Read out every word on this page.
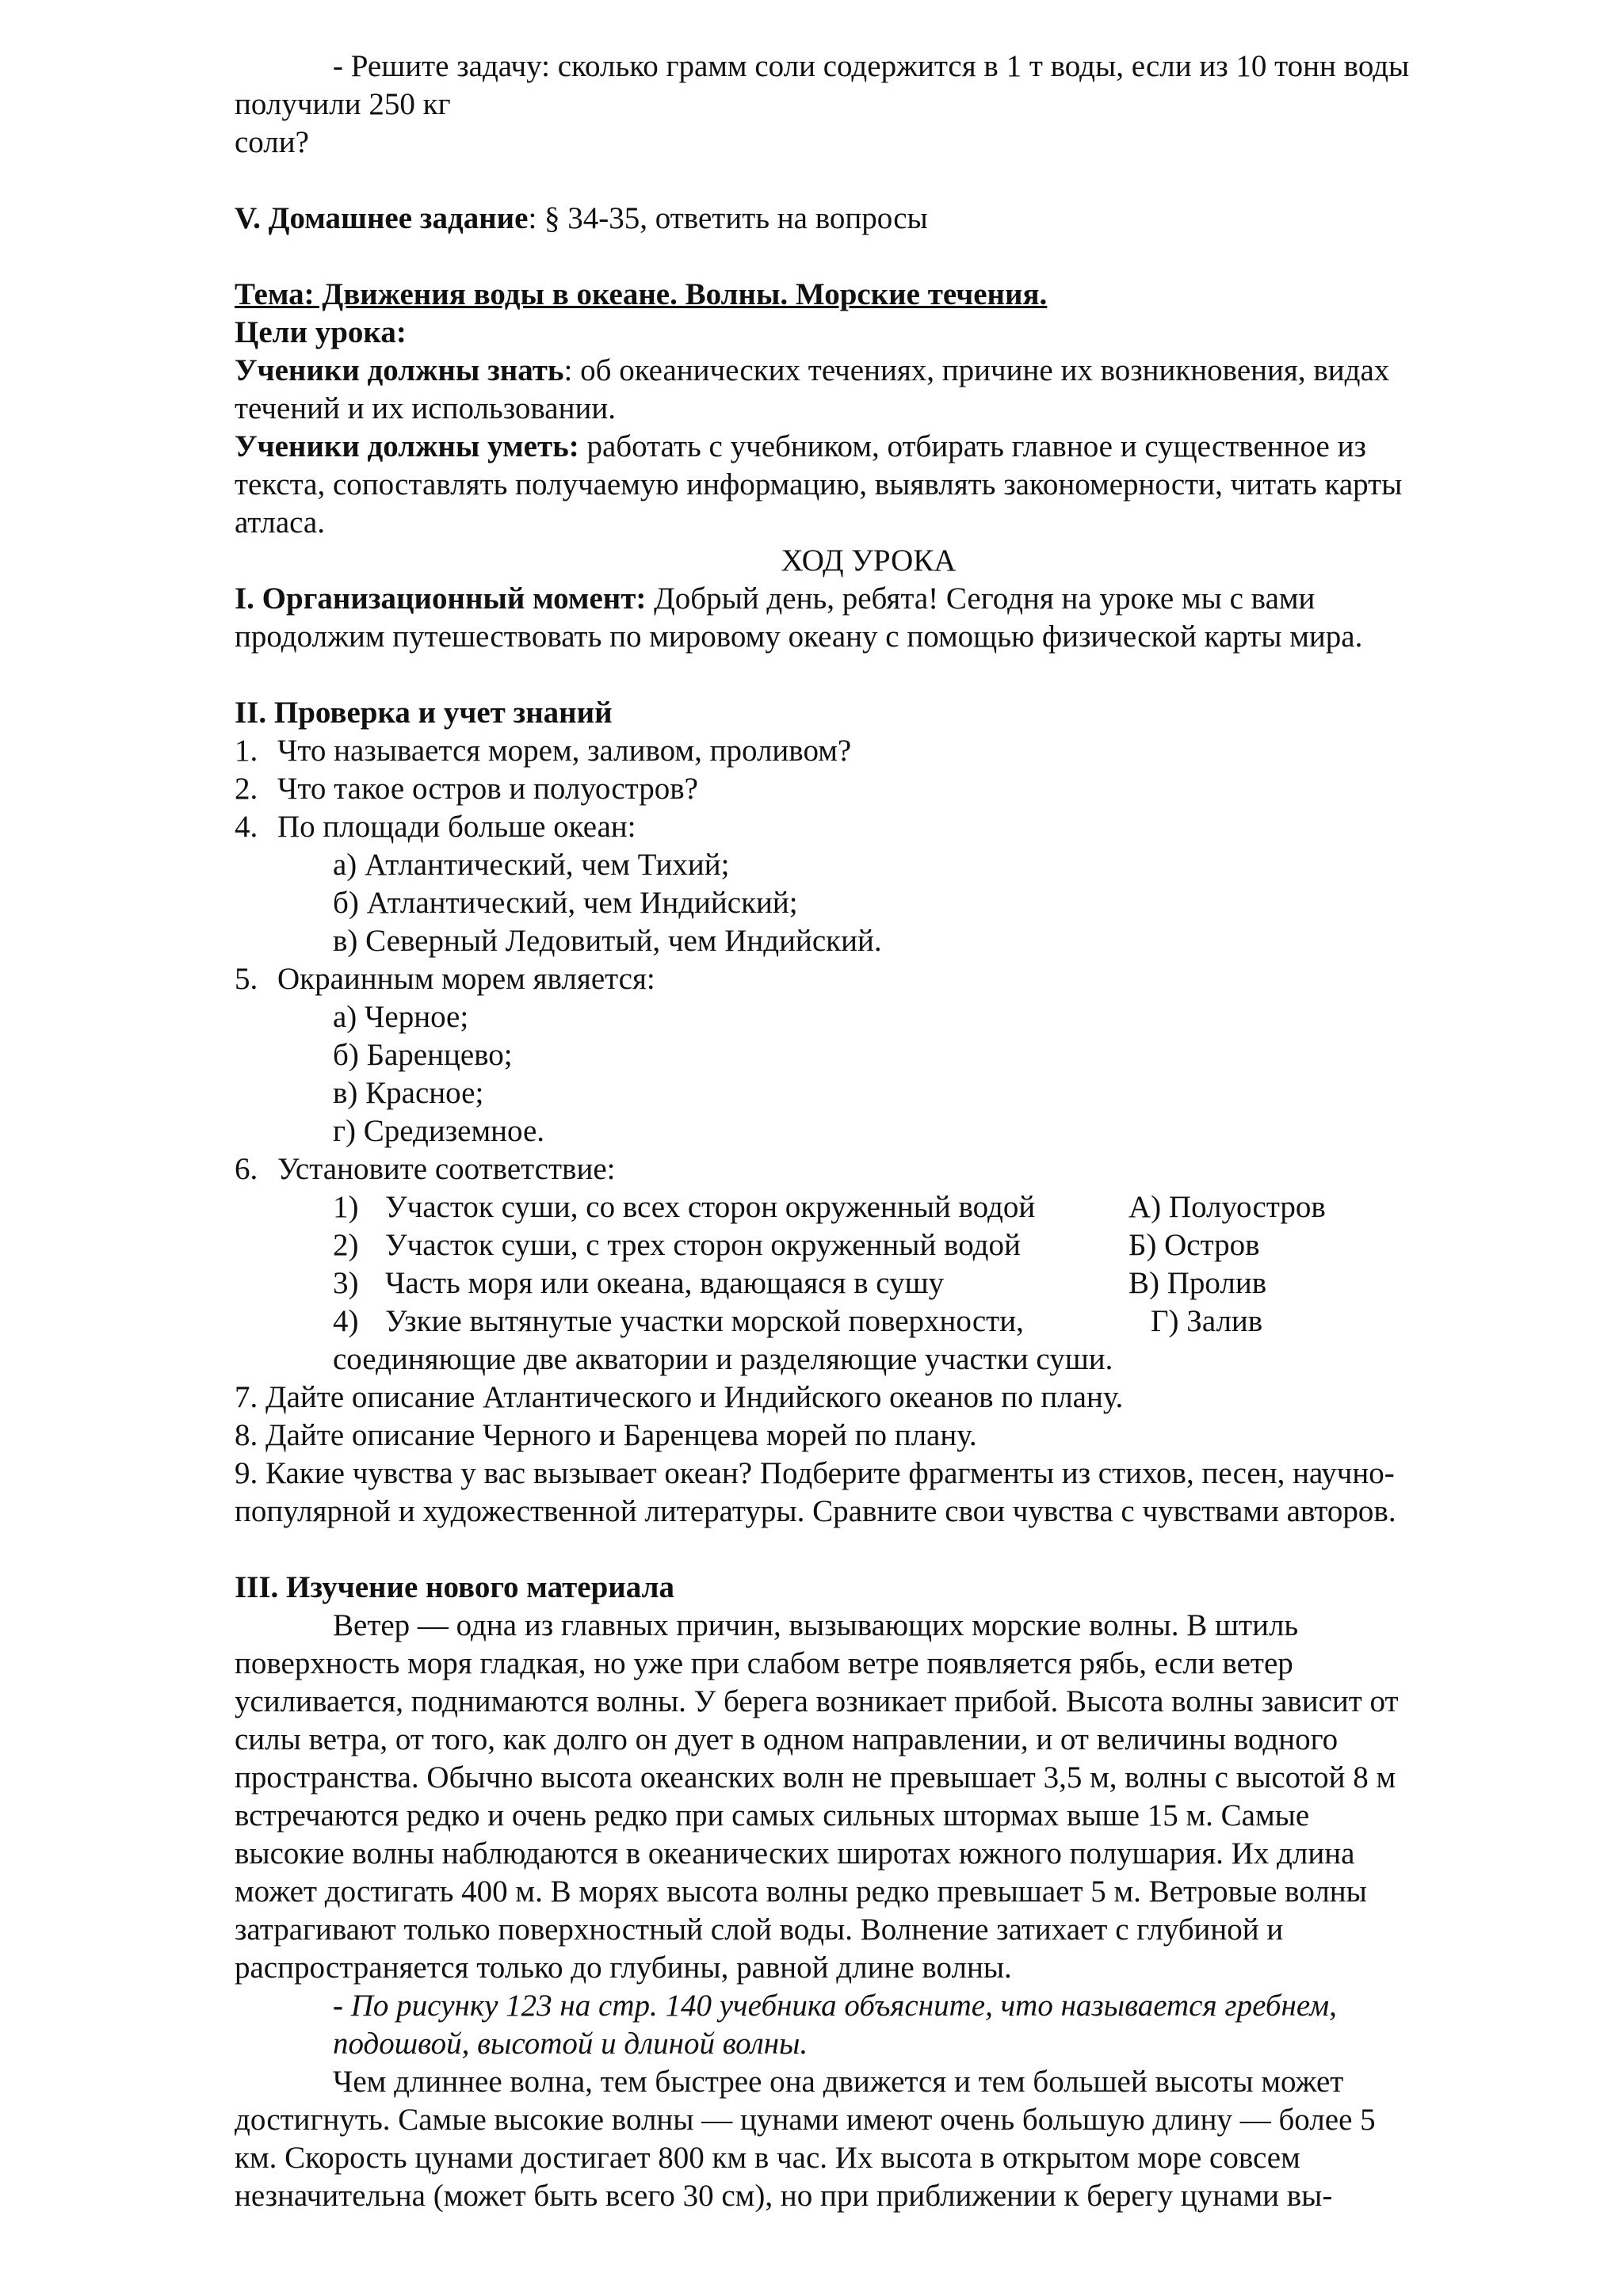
- Решите задачу: сколько грамм соли содержится в 1 т воды, если из 10 тонн воды
получили 250 кг
соли?
V. Домашнее задание: § 34-35, ответить на вопросы
Тема: Движения воды в океане. Волны. Морские течения.
Цели урока:
Ученики должны знать: об океанических течениях, причине их возникновения, видах
течений и их использовании.
Ученики должны уметь: работать с учебником, отбирать главное и существенное из
текста, сопоставлять получаемую информацию, выявлять закономерности, читать карты
атласа.
ХОД УРОКА
I. Организационный момент: Добрый день, ребята! Сегодня на уроке мы с вами
продолжим путешествовать по мировому океану с помощью физической карты мира.
II. Проверка и учет знаний
1. Что называется морем, заливом, проливом?
2. Что такое остров и полуостров?
4. По площади больше океан:
а) Атлантический, чем Тихий;
б) Атлантический, чем Индийский;
в) Северный Ледовитый, чем Индийский.
5. Окраинным морем является:
а) Черное;
б) Баренцево;
в) Красное;
г) Средиземное.
6. Установите соответствие:
1) Участок суши, со всех сторон окруженный водой	А) Полуостров
2) Участок суши, с трех сторон окруженный водой	Б) Остров
3) Часть моря или океана, вдающаяся в сушу	В) Пролив
4) Узкие вытянутые участки морской поверхности,	Г) Залив
соединяющие две акватории и разделяющие участки суши.
7. Дайте описание Атлантического и Индийского океанов по плану.
8. Дайте описание Черного и Баренцева морей по плану.
9. Какие чувства у вас вызывает океан? Подберите фрагменты из стихов, песен, научно-
популярной и художественной литературы. Сравните свои чувства с чувствами авторов.
III. Изучение нового материала
Ветер — одна из главных причин, вызывающих морские волны. В штиль
поверхность моря гладкая, но уже при слабом ветре появляется рябь, если ветер
усиливается, поднимаются волны. У берега возникает прибой. Высота волны зависит от
силы ветра, от того, как долго он дует в одном направлении, и от величины водного
пространства. Обычно высота океанских волн не превышает 3,5 м, волны с высотой 8 м
встречаются редко и очень редко при самых сильных штормах выше 15 м. Самые
высокие волны наблюдаются в океанических широтах южного полушария. Их длина
может достигать 400 м. В морях высота волны редко превышает 5 м. Ветровые волны
затрагивают только поверхностный слой воды. Волнение затихает с глубиной и
распространяется только до глубины, равной длине волны.
- По рисунку 123 на стр. 140 учебника объясните, что называется гребнем,
подошвой, высотой и длиной волны.
Чем длиннее волна, тем быстрее она движется и тем большей высоты может
достигнуть. Самые высокие волны — цунами имеют очень большую длину — более 5
км. Скорость цунами достигает 800 км в час. Их высота в открытом море совсем
незначительна (может быть всего 30 см), но при приближении к берегу цунами вы-
